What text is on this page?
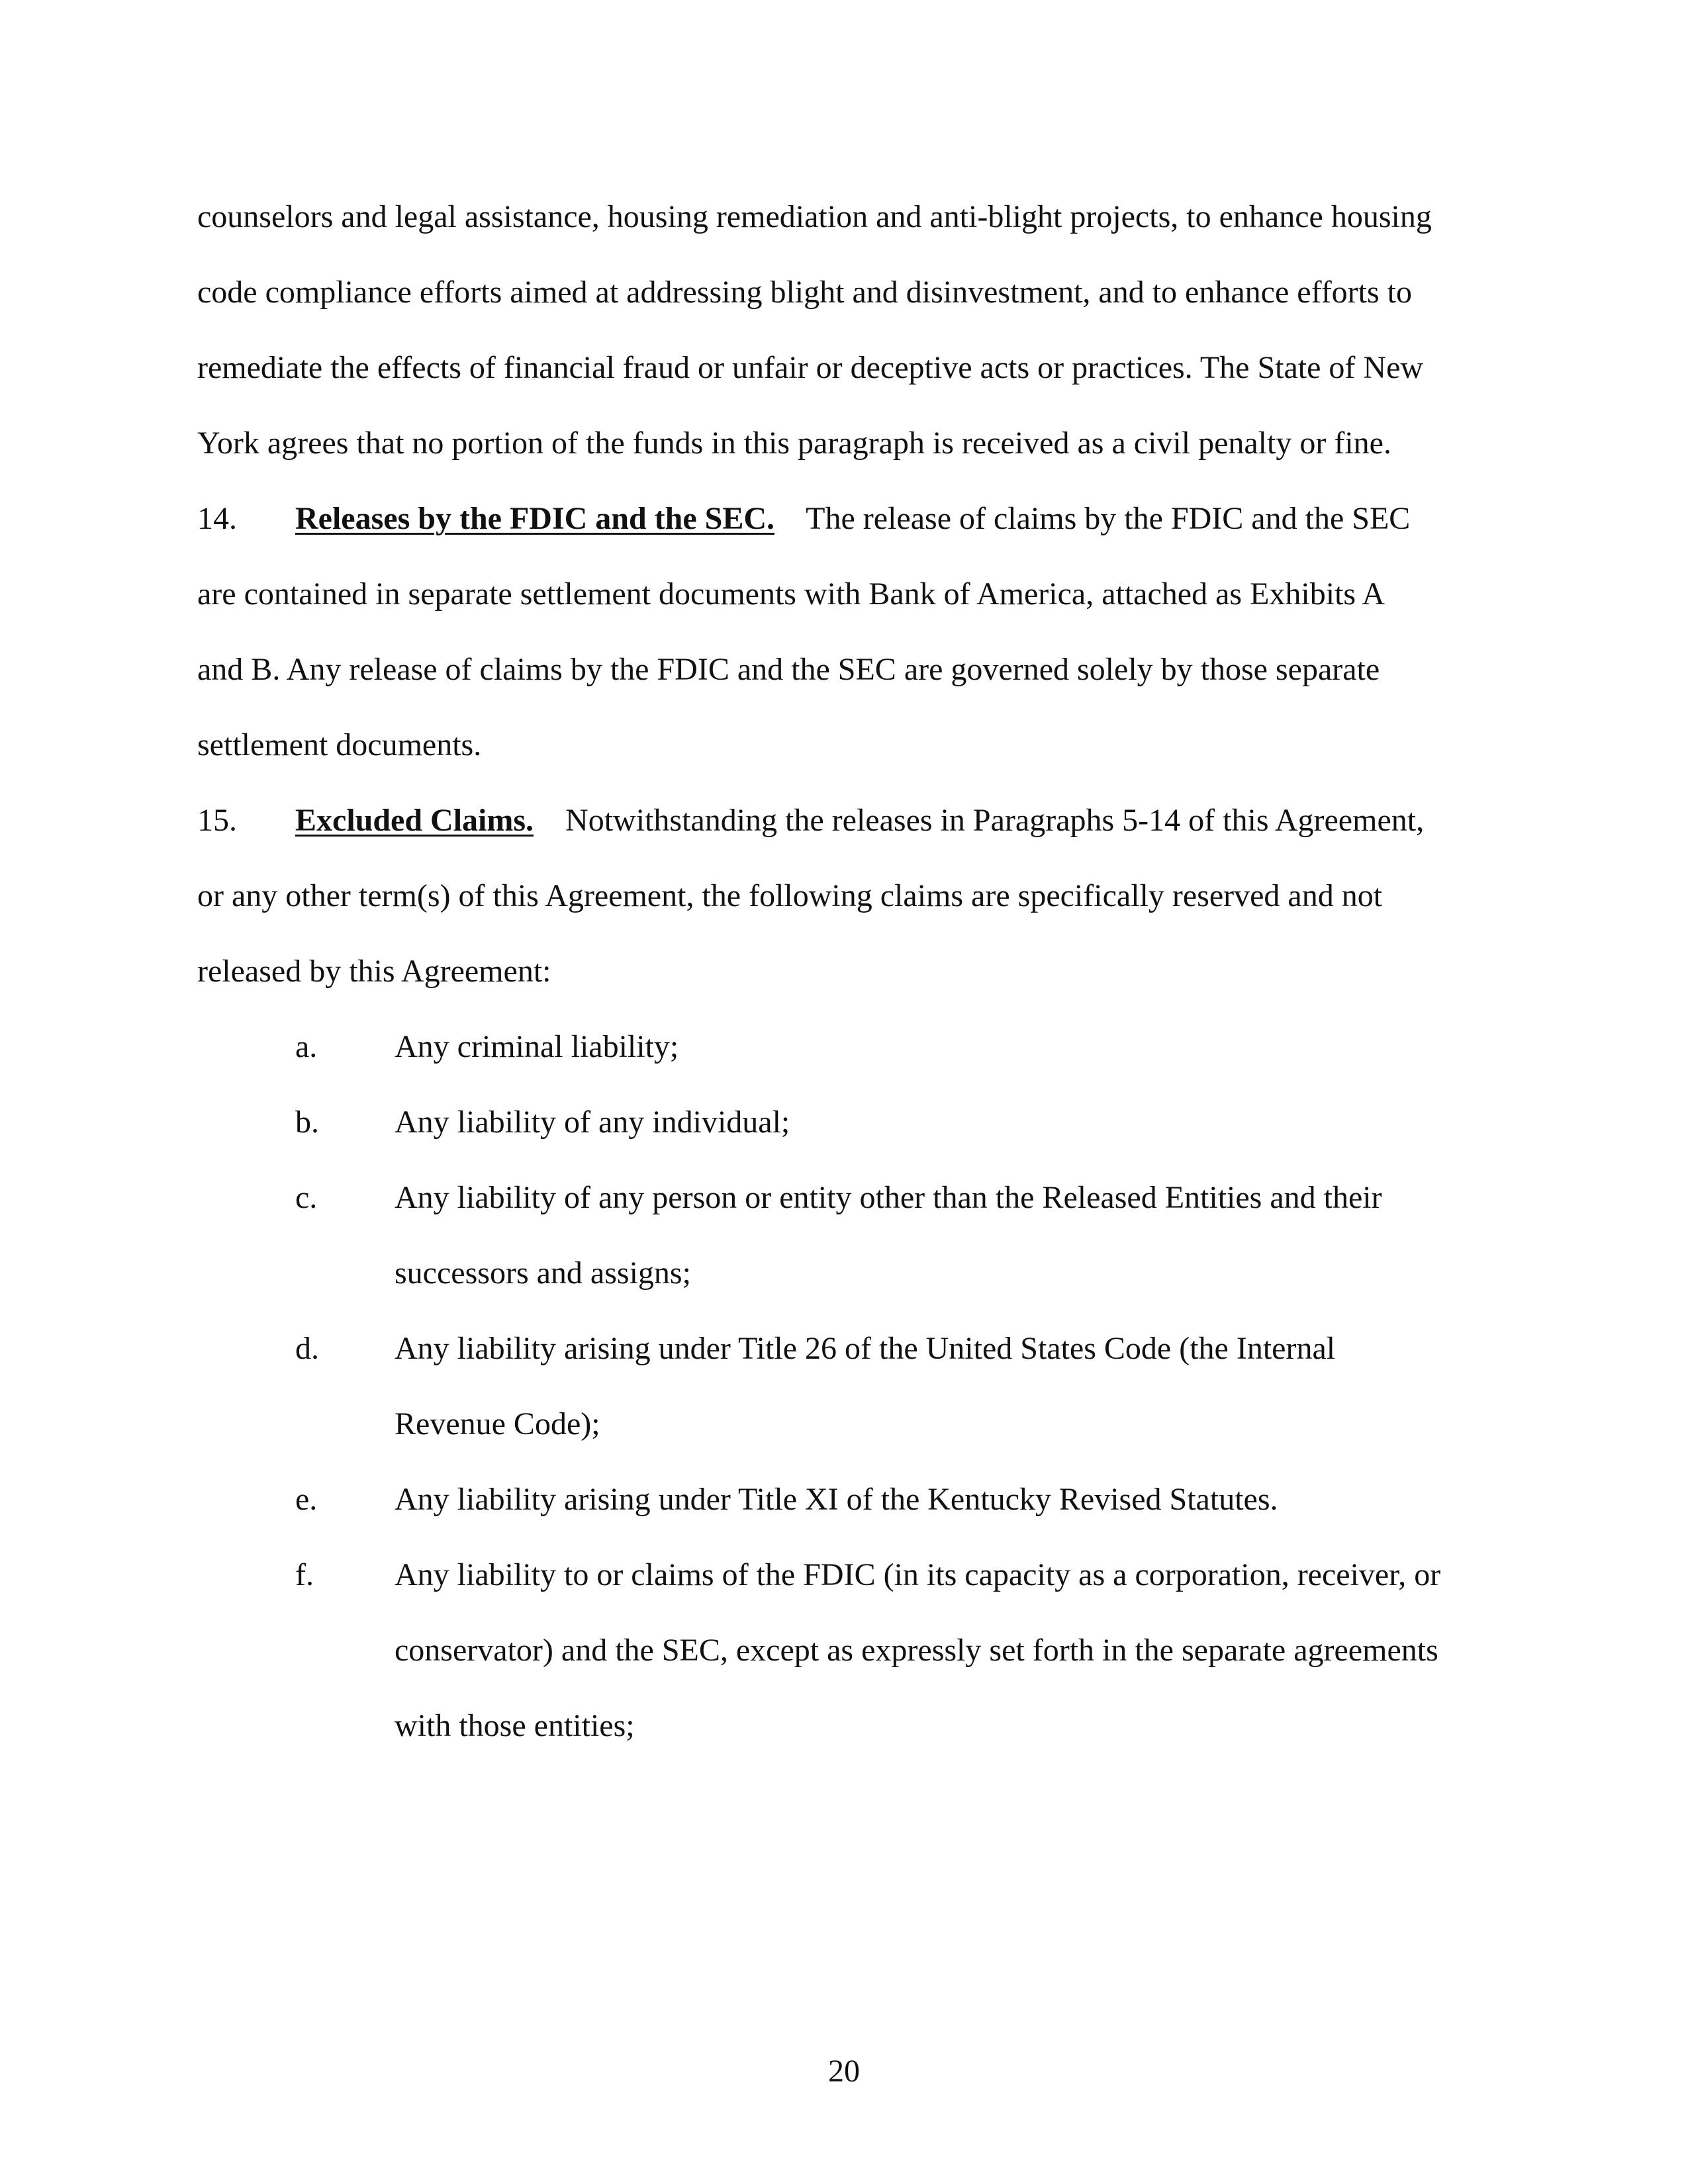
counselors and legal assistance, housing remediation and anti-blight projects, to enhance housing
code compliance efforts aimed at addressing blight and disinvestment, and to enhance efforts to
remediate the effects of financial fraud or unfair or deceptive acts or practices. The State of New
York agrees that no portion of the funds in this paragraph is received as a civil penalty or fine.
14. Releases by the FDIC and the SEC. The release of claims by the FDIC and the SEC
are contained in separate settlement documents with Bank of America, attached as Exhibits A
and B. Any release of claims by the FDIC and the SEC are governed solely by those separate
settlement documents.
15. Excluded Claims. Notwithstanding the releases in Paragraphs 5-14 of this Agreement,
or any other term(s) of this Agreement, the following claims are specifically reserved and not
released by this Agreement:
a. Any criminal liability;
b. Any liability of any individual;
c. Any liability of any person or entity other than the Released Entities and their
successors and assigns;
d. Any liability arising under Title 26 of the United States Code (the Internal
Revenue Code);
e. Any liability arising under Title XI of the Kentucky Revised Statutes.
f.	Any liability to or claims of the FDIC (in its capacity as a corporation, receiver, or
conservator) and the SEC, except as expressly set forth in the separate agreements
with those entities;
20
